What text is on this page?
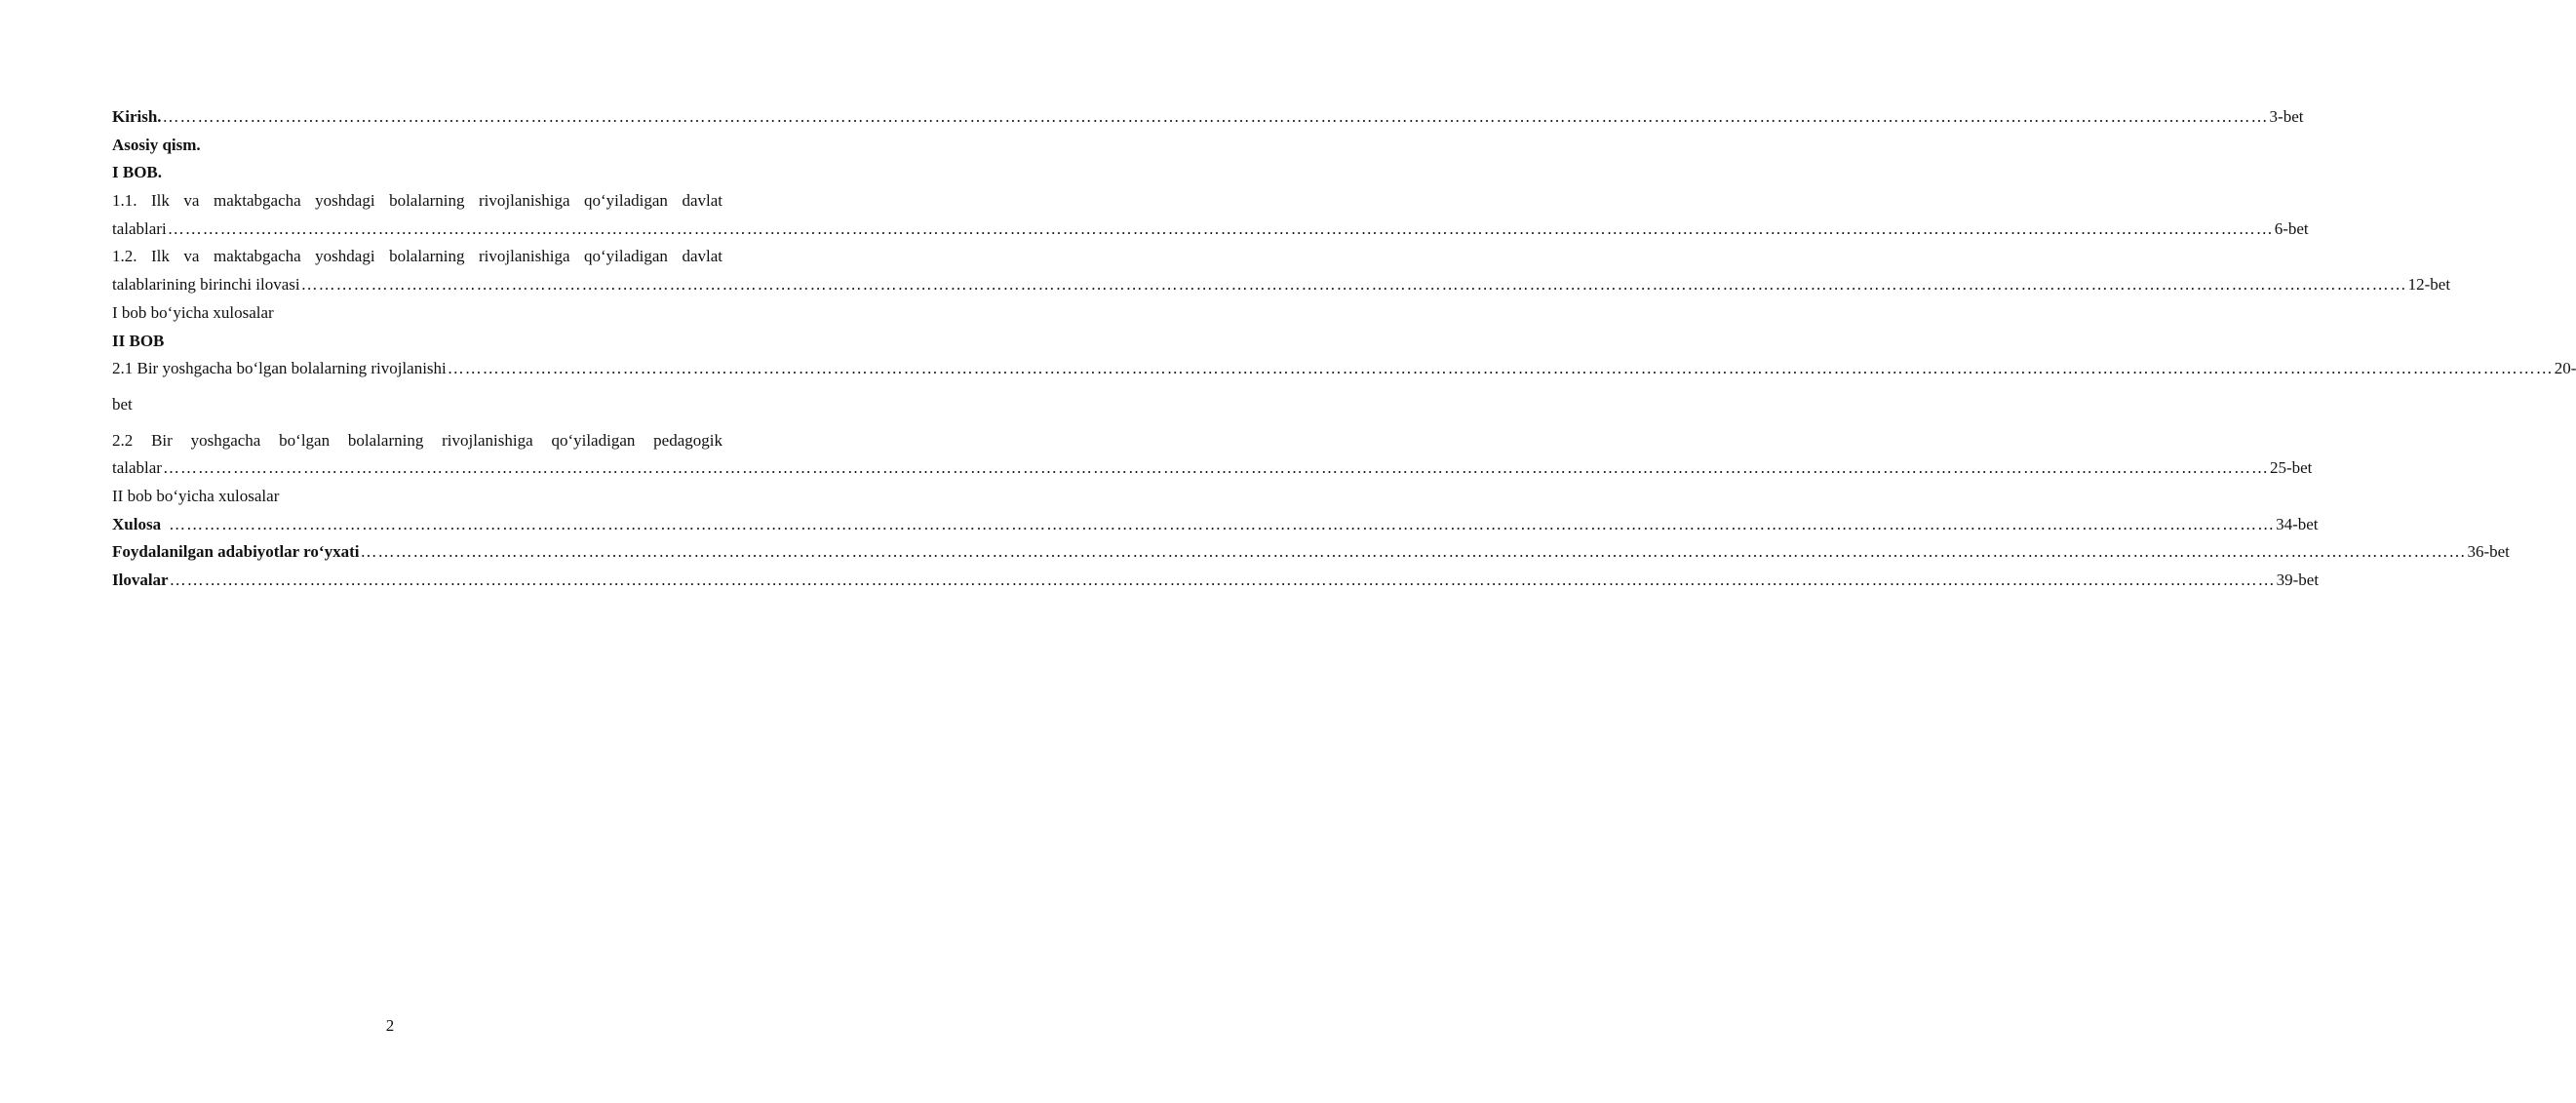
Kirish. ……………………………………………………………………………………………………………………………………………………………………………………………………………………………………………………………………………………………………………………………… 3-bet
Asosiy qism.
I BOB.
1.1. Ilk va maktabgacha yoshdagi bolalarning rivojlanishiga qo‘yiladigan davlat
talablari ……………………………………………………………………………………………………………………………………………………………………………………………………………………………………………………………………………………………………………………………… 6-bet
1.2. Ilk va maktabgacha yoshdagi bolalarning rivojlanishiga qo‘yiladigan davlat
talablarining birinchi ilovasi ……………………………………………………………………………………………………………………………………………………………………………………………………………………………………………………………………………………………………………………………… 12-bet
I bob bo‘yicha xulosalar
II BOB
2.1 Bir yoshgacha bo‘lgan bolalarning rivojlanishi ……………………………………………………………………………………………………………………………………………………………………………………………………………………………………………………………………………………………………………………………… 20-
bet
2.2 Bir yoshgacha bo‘lgan bolalarning rivojlanishiga qo‘yiladigan pedagogik
talablar ……………………………………………………………………………………………………………………………………………………………………………………………………………………………………………………………………………………………………………………………… 25-bet
II bob bo‘yicha xulosalar
Xulosa ……………………………………………………………………………………………………………………………………………………………………………………………………………………………………………………………………………………………………………………………… 34-bet
Foydalanilgan adabiyotlar ro‘yxati ……………………………………………………………………………………………………………………………………………………………………………………………………………………………………………………………………………………………………………………………… 36-bet
Ilovalar ……………………………………………………………………………………………………………………………………………………………………………………………………………………………………………………………………………………………………………………………… 39-bet
2
